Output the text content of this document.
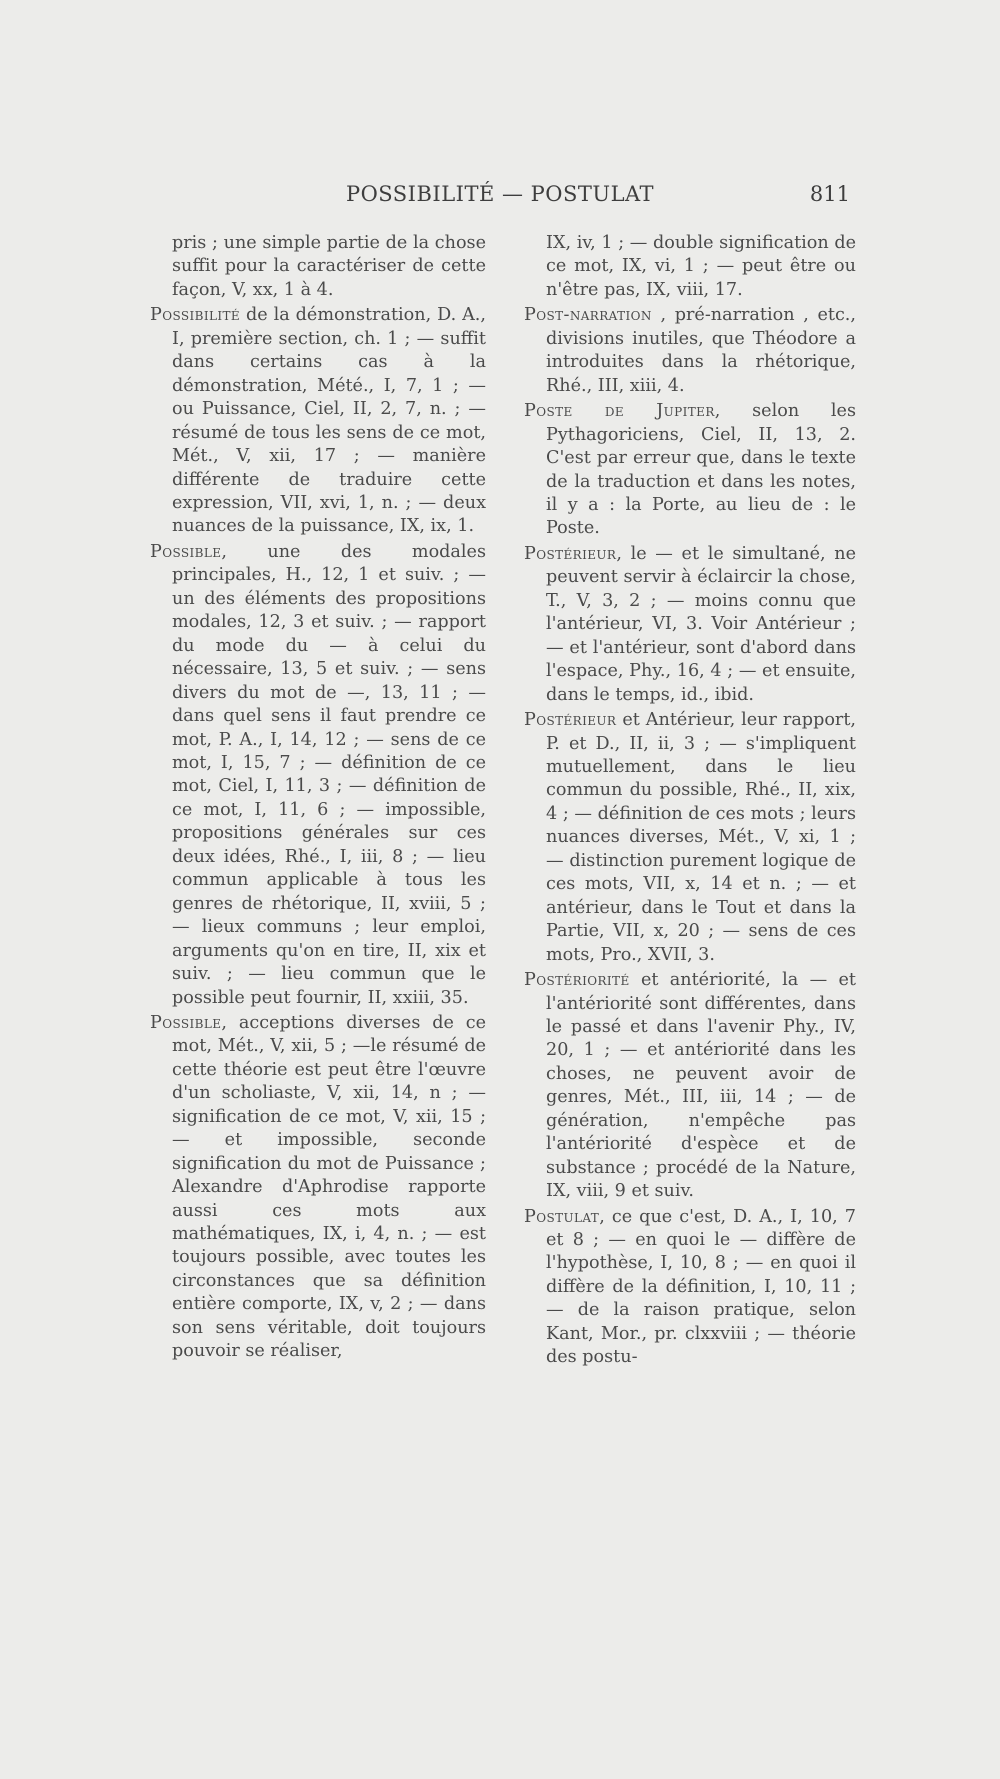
POSSIBILITÉ — POSTULAT	811

pris ; une simple partie de la chose suffit pour la caractériser de cette façon, V, xx, 1 à 4.

Possibilité de la démonstration, D. A., I, première section, ch. 1 ; — suffit dans certains cas à la démonstration, Mété., I, 7, 1 ; — ou Puissance, Ciel, II, 2, 7, n. ; — résumé de tous les sens de ce mot, Mét., V, xii, 17 ; — manière différente de traduire cette expression, VII, xvi, 1, n. ; — deux nuances de la puissance, IX, ix, 1.

Possible, une des modales principales, H., 12, 1 et suiv. ; — un des éléments des propositions modales, 12, 3 et suiv. ; — rapport du mode du — à celui du nécessaire, 13, 5 et suiv. ; — sens divers du mot de —, 13, 11 ; — dans quel sens il faut prendre ce mot, P. A., I, 14, 12 ; — sens de ce mot, I, 15, 7 ; — définition de ce mot, Ciel, I, 11, 3 ; — définition de ce mot, I, 11, 6 ; — impossible, propositions générales sur ces deux idées, Rhé., I, iii, 8 ; — lieu commun applicable à tous les genres de rhétorique, II, xviii, 5 ; — lieux communs ; leur emploi, arguments qu'on en tire, II, xix et suiv. ; — lieu commun que le possible peut fournir, II, xxiii, 35.

Possible, acceptions diverses de ce mot, Mét., V, xii, 5 ; —le résumé de cette théorie est peut être l'œuvre d'un scholiaste, V, xii, 14, n ; — signification de ce mot, V, xii, 15 ; — et impossible, seconde signification du mot de Puissance ; Alexandre d'Aphrodise rapporte aussi ces mots aux mathématiques, IX, i, 4, n. ; — est toujours possible, avec toutes les circonstances que sa définition entière comporte, IX, v, 2 ; — dans son sens véritable, doit toujours pouvoir se réaliser,

IX, iv, 1 ; — double signification de ce mot, IX, vi, 1 ; — peut être ou n'être pas, IX, viii, 17.

Post-narration , pré-narration , etc., divisions inutiles, que Théodore a introduites dans la rhétorique, Rhé., III, xiii, 4.

Poste de Jupiter, selon les Pythagoriciens, Ciel, II, 13, 2. C'est par erreur que, dans le texte de la traduction et dans les notes, il y a : la Porte, au lieu de : le Poste.

Postérieur, le — et le simultané, ne peuvent servir à éclaircir la chose, T., V, 3, 2 ; — moins connu que l'antérieur, VI, 3. Voir Antérieur ; — et l'antérieur, sont d'abord dans l'espace, Phy., 16, 4 ; — et ensuite, dans le temps, id., ibid.

Postérieur et Antérieur, leur rapport, P. et D., II, ii, 3 ; — s'impliquent mutuellement, dans le lieu commun du possible, Rhé., II, xix, 4 ; — définition de ces mots ; leurs nuances diverses, Mét., V, xi, 1 ; — distinction purement logique de ces mots, VII, x, 14 et n. ; — et antérieur, dans le Tout et dans la Partie, VII, x, 20 ; — sens de ces mots, Pro., XVII, 3.

Postériorité et antériorité, la — et l'antériorité sont différentes, dans le passé et dans l'avenir Phy., IV, 20, 1 ; — et antériorité dans les choses, ne peuvent avoir de genres, Mét., III, iii, 14 ; — de génération, n'empêche pas l'antériorité d'espèce et de substance ; procédé de la Nature, IX, viii, 9 et suiv.

Postulat, ce que c'est, D. A., I, 10, 7 et 8 ; — en quoi le — diffère de l'hypothèse, I, 10, 8 ; — en quoi il diffère de la définition, I, 10, 11 ; — de la raison pratique, selon Kant, Mor., pr. clxxviii ; — théorie des postu-
